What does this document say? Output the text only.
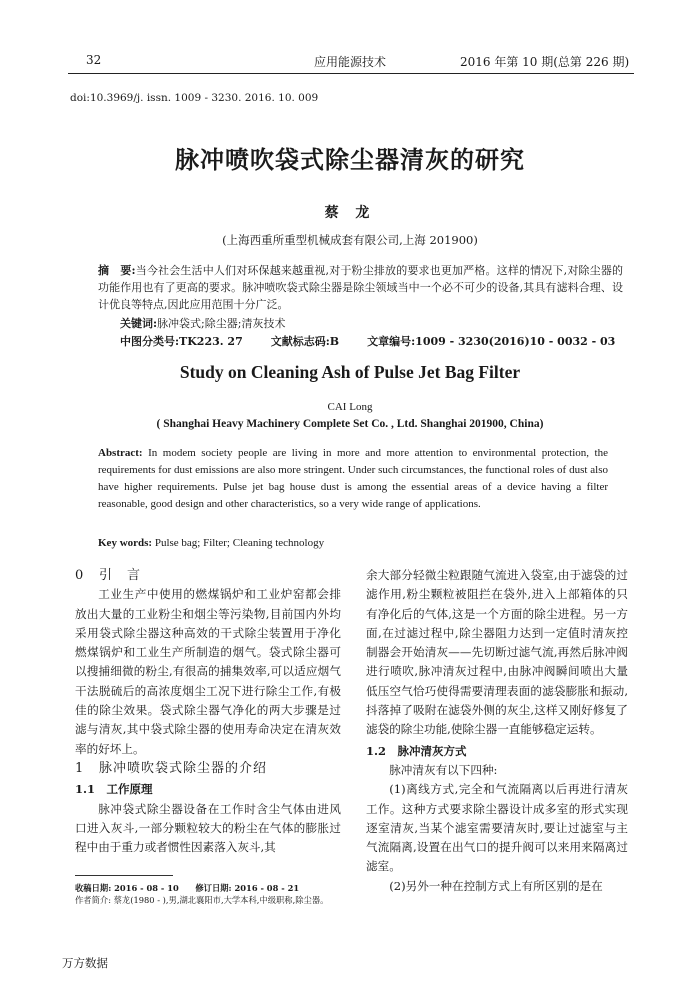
32	应用能源技术	2016 年第 10 期(总第 226 期)
doi:10.3969/j. issn. 1009 - 3230. 2016. 10. 009
脉冲喷吹袋式除尘器清灰的研究
蔡 龙
(上海西重所重型机械成套有限公司,上海 201900)
摘　要:当今社会生活中人们对环保越来越重视,对于粉尘排放的要求也更加严格。这样的情况下,对除尘器的功能作用也有了更高的要求。脉冲喷吹袋式除尘器是除尘领域当中一个必不可少的设备,其具有滤料合理、设计优良等特点,因此应用范围十分广泛。
关键词:脉冲袋式;除尘器;清灰技术
中图分类号:TK223. 27	文献标志码:B	文章编号:1009 - 3230(2016)10 - 0032 - 03
Study on Cleaning Ash of Pulse Jet Bag Filter
CAI Long
( Shanghai Heavy Machinery Complete Set Co. , Ltd. Shanghai 201900, China)
Abstract: In modem society people are living in more and more attention to environmental protection, the requirements for dust emissions are also more stringent. Under such circumstances, the functional roles of dust also have higher requirements. Pulse jet bag house dust is among the essential areas of a device having a filter reasonable, good design and other characteristics, so a very wide range of applications.
Key words: Pulse bag; Filter; Cleaning technology

0 引　言

工业生产中使用的燃煤锅炉和工业炉窑都会排放出大量的工业粉尘和烟尘等污染物,目前国内外均采用袋式除尘器这种高效的干式除尘装置用于净化燃煤锅炉和工业生产所制造的烟气。袋式除尘器可以搜捕细微的粉尘,有很高的捕集效率,可以适应烟气干法脱硫后的高浓度烟尘工况下进行除尘工作,有极佳的除尘效果。袋式除尘器气净化的两大步骤是过滤与清灰,其中袋式除尘器的使用寿命决定在清灰效率的好坏上。

1 脉冲喷吹袋式除尘器的介绍

1.1　工作原理

脉冲袋式除尘器设备在工作时含尘气体由进风口进入灰斗,一部分颗粒较大的粉尘在气体的膨胀过程中由于重力或者惯性因素落入灰斗,其

余大部分轻微尘粒跟随气流进入袋室,由于滤袋的过滤作用,粉尘颗粒被阻拦在袋外,进入上部箱体的只有净化后的气体,这是一个方面的除尘进程。另一方面,在过滤过程中,除尘器阻力达到一定值时清灰控制器会开始清灰——先切断过滤气流,再然后脉冲阀进行喷吹,脉冲清灰过程中,由脉冲阀瞬间喷出大量低压空气恰巧使得需要清理表面的滤袋膨胀和振动,抖落掉了吸附在滤袋外侧的灰尘,这样又刚好修复了滤袋的除尘功能,使除尘器一直能够稳定运转。

1.2　脉冲清灰方式

脉冲清灰有以下四种:

(1)离线方式,完全和气流隔离以后再进行清灰工作。这种方式要求除尘器设计成多室的形式实现逐室清灰,当某个滤室需要清灰时,要让过滤室与主气流隔离,设置在出气口的提升阀可以来用来隔离过滤室。

(2)另外一种在控制方式上有所区别的是在

收稿日期: 2016 - 08 - 10　　修订日期: 2016 - 08 - 21
作者简介: 蔡龙(1980 - ),男,湖北襄阳市,大学本科,中级职称,除尘器。
万方数据
